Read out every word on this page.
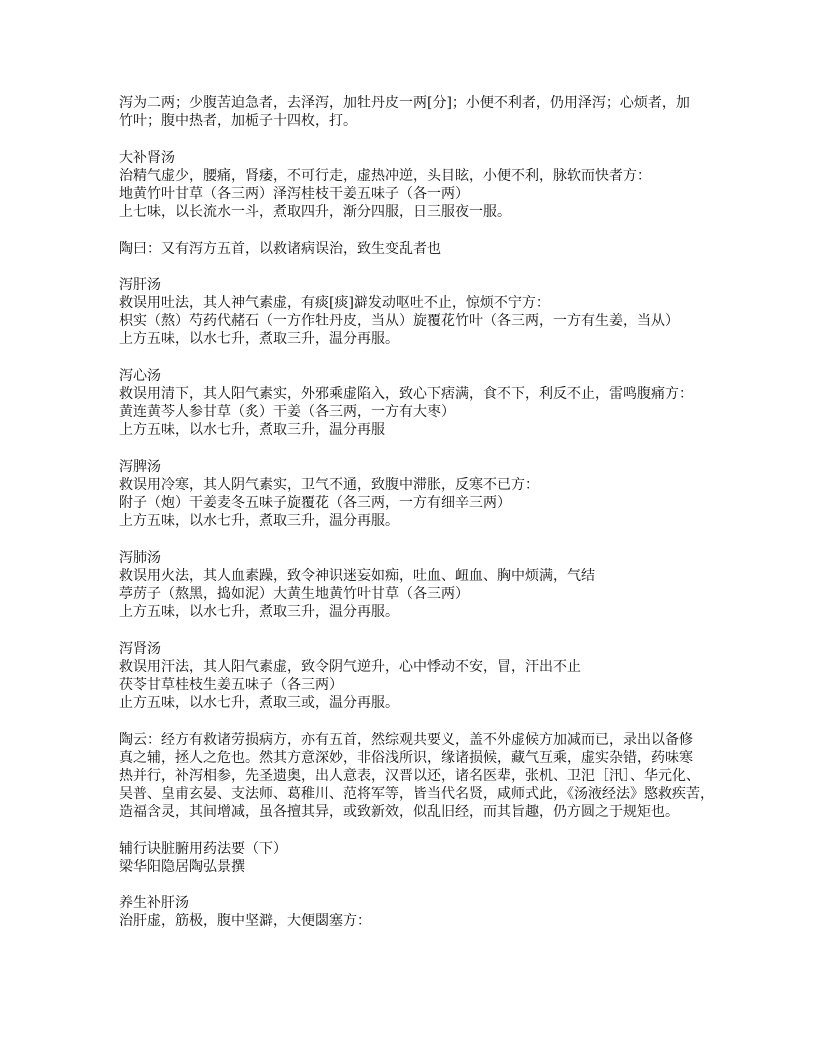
泻为二两；少腹苦迫急者，去泽泻，加牡丹皮一两[分]；小便不利者，仍用泽泻；心烦者，加
竹叶；腹中热者，加栀子十四枚，打。
大补肾汤
治精气虚少，腰痛，肾痿，不可行走，虚热冲逆，头目眩，小便不利，脉软而快者方：
地黄竹叶甘草（各三两）泽泻桂枝干姜五味子（各一两）
上七味，以长流水一斗，煮取四升，渐分四服，日三服夜一服。
陶曰：又有泻方五首，以救诸病误治，致生变乱者也
泻肝汤
救误用吐法，其人神气素虚，有痰[痰]澼发动呕吐不止，惊烦不宁方：
枳实（熬）芍药代赭石（一方作牡丹皮，当从）旋覆花竹叶（各三两，一方有生姜，当从）
上方五味，以水七升，煮取三升，温分再服。
泻心汤
救误用清下，其人阳气素实，外邪乘虚陷入，致心下痞满，食不下，利反不止，雷鸣腹痛方：
黄连黄芩人参甘草（炙）干姜（各三两，一方有大枣）
上方五味，以水七升，煮取三升，温分再服
泻脾汤
救误用冷寒，其人阴气素实，卫气不通，致腹中滞胀，反寒不已方：
附子（炮）干姜麦冬五味子旋覆花（各三两，一方有细辛三两）
上方五味，以水七升，煮取三升，温分再服。
泻肺汤
救误用火法，其人血素躁，致令神识迷妄如痴，吐血、衄血、胸中烦满，气结
葶苈子（熬黑，捣如泥）大黄生地黄竹叶甘草（各三两）
上方五味，以水七升，煮取三升，温分再服。
泻肾汤
救误用汗法，其人阳气素虚，致令阴气逆升，心中悸动不安，冒，汗出不止
茯苓甘草桂枝生姜五味子（各三两）
止方五味，以水七升，煮取三或，温分再服。
陶云：经方有救诸劳损病方，亦有五首，然综观共要义，盖不外虚候方加减而已，录出以备修
真之辅，拯人之危也。然其方意深妙，非俗浅所识，缘诸损候，藏气互乘，虚实杂错，药味寒
热并行，补泻相参，先圣遗奥，出人意表，汉晋以还，诸名医辈，张机、卫汜［汛］、华元化、
吴普、皇甫玄晏、支法师、葛稚川、范将军等，皆当代名贤，咸师式此，《汤液经法》愍救疾苦，
造福含灵，其间增减，虽各擅其异，或致新效，似乱旧经，而其旨趣，仍方圆之于规矩也。
辅行诀脏腑用药法要（下）
梁华阳隐居陶弘景撰
养生补肝汤
治肝虚，筋极，腹中坚澼，大便閟塞方：
